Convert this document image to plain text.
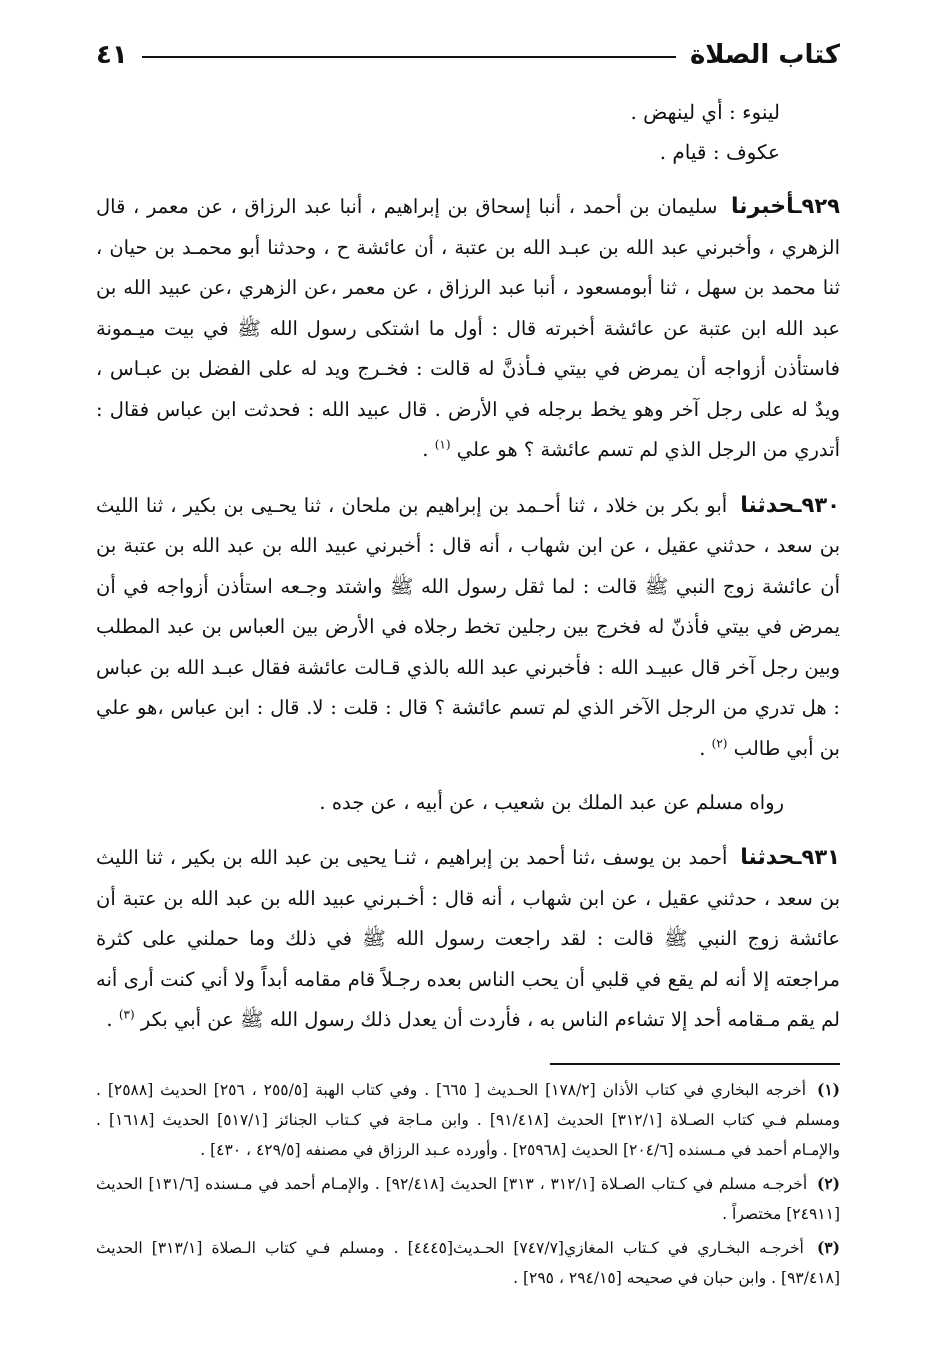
كتاب الصلاة
٤١
لينوء : أي لينهض .
عكوف : قيام .
٩٢٩ـأخبرنا سليمان بن أحمد ، أنبا إسحاق بن إبراهيم ، أنبا عبد الرزاق ، عن معمر ، قال الزهري ، وأخبرني عبد الله بن عبـد الله بن عتبة ، أن عائشة ح ، وحدثنا أبو محمـد بن حيان ، ثنا محمد بن سهل ، ثنا أبومسعود ، أنبا عبد الرزاق ، عن معمر ،عن الزهري ،عن عبيد الله بن عبد الله ابن عتبة عن عائشة أخبرته قال : أول ما اشتكى رسول الله ﷺ في بيت ميـمونة فاستأذن أزواجه أن يمرض في بيتي فـأذنَّ له قالت : فخـرج ويد له على الفضل بن عبـاس ، ويدٌ له على رجل آخر وهو يخط برجله في الأرض . قال عبيد الله : فحدثت ابن عباس فقال : أتدري من الرجل الذي لم تسم عائشة ؟ هو علي $^{(١)}$ .
٩٣٠ـحدثنا أبو بكر بن خلاد ، ثنا أحـمد بن إبراهيم بن ملحان ، ثنا يحـيى بن بكير ، ثنا الليث بن سعد ، حدثني عقيل ، عن ابن شهاب ، أنه قال : أخبرني عبيد الله بن عبد الله بن عتبة بن أن عائشة زوج النبي ﷺ قالت : لما ثقل رسول الله ﷺ واشتد وجـعه استأذن أزواجه في أن يمرض في بيتي فأذنّ له فخرج بين رجلين تخط رجلاه في الأرض بين العباس بن عبد المطلب وبين رجل آخر قال عبيـد الله : فأخبرني عبد الله بالذي قـالت عائشة فقال عبـد الله بن عباس : هل تدري من الرجل الآخر الذي لم تسم عائشة ؟ قال : قلت : لا. قال : ابن عباس ،هو علي بن أبي طالب $^{(٢)}$ .
رواه مسلم عن عبد الملك بن شعيب ، عن أبيه ، عن جده .
٩٣١ـحدثنا أحمد بن يوسف ،ثنا أحمد بن إبراهيم ، ثنـا يحيى بن عبد الله بن بكير ، ثنا الليث بن سعد ، حدثني عقيل ، عن ابن شهاب ، أنه قال : أخـبرني عبيد الله بن عبد الله بن عتبة أن عائشة زوج النبي ﷺ قالت : لقد راجعت رسول الله ﷺ في ذلك وما حملني على كثرة مراجعته إلا أنه لم يقع في قلبي أن يحب الناس بعده رجـلاً قام مقامه أبداً ولا أني كنت أرى أنه لم يقم مـقامه أحد إلا تشاءم الناس به ، فأردت أن يعدل ذلك رسول الله ﷺ عن أبي بكر $^{(٣)}$ .
(١) أخرجه البخاري في كتاب الأذان [١٧٨/٢] الحـديث [ ٦٦٥] . وفي كتاب الهبة [٢٥٥/٥ ، ٢٥٦] الحديث [٢٥٨٨] . ومسلم فـي كتاب الصـلاة [٣١٢/١] الحديث [٩١/٤١٨] . وابن مـاجة في كـتاب الجنائز [٥١٧/١] الحديث [١٦١٨] . والإمـام أحمد في مـسنده [٢٠٤/٦] الحديث [٢٥٩٦٨] . وأورده عـبد الرزاق في مصنفه [٤٢٩/٥ ، ٤٣٠] .
(٢) أخرجـه مسلم في كـتاب الصـلاة [٣١٢/١ ، ٣١٣] الحديث [٩٢/٤١٨] . والإمـام أحمد في مـسنده [١٣١/٦] الحديث [٢٤٩١١] مختصراً .
(٣) أخرجـه البخـاري في كـتاب المغازي[٧٤٧/٧] الحـديث[٤٤٤٥] . ومسلم فـي كتاب الـصلاة [٣١٣/١] الحديث [٩٣/٤١٨] . وابن حبان في صحيحه [٢٩٤/١٥ ، ٢٩٥] .
